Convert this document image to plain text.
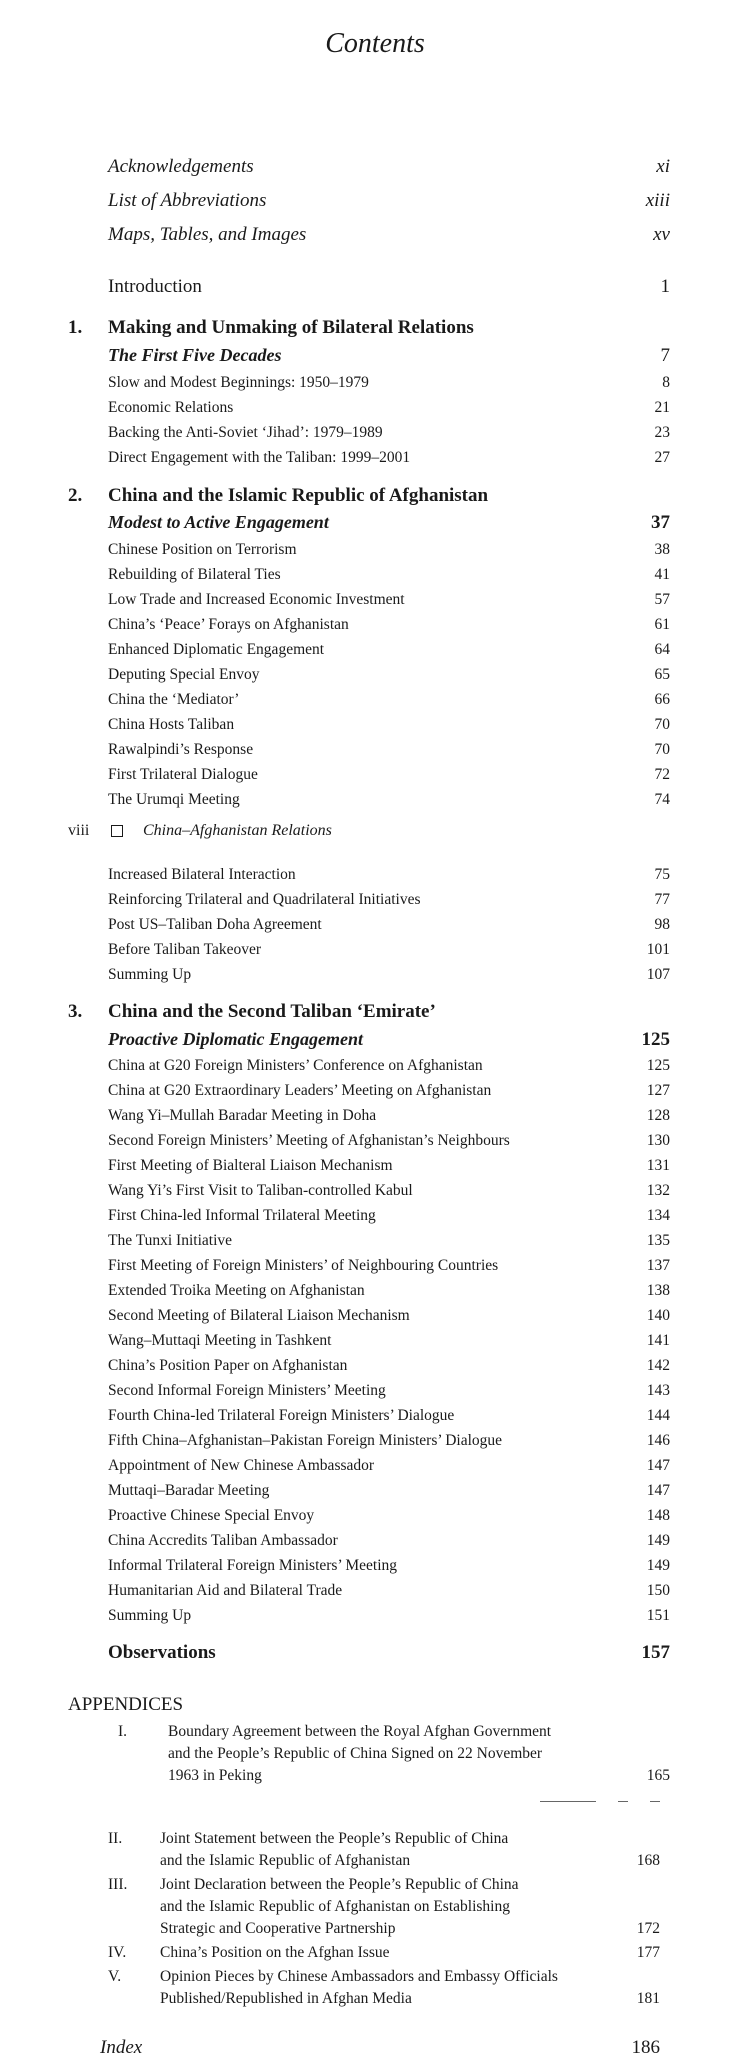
Contents
Acknowledgements	xi
List of Abbreviations	xiii
Maps, Tables, and Images	xv
Introduction	1
1. Making and Unmaking of Bilateral Relations
The First Five Decades	7
Slow and Modest Beginnings: 1950–1979	8
Economic Relations	21
Backing the Anti-Soviet ‘Jihad’: 1979–1989	23
Direct Engagement with the Taliban: 1999–2001	27
2. China and the Islamic Republic of Afghanistan
Modest to Active Engagement	37
Chinese Position on Terrorism	38
Rebuilding of Bilateral Ties	41
Low Trade and Increased Economic Investment	57
China’s ‘Peace’ Forays on Afghanistan	61
Enhanced Diplomatic Engagement	64
Deputing Special Envoy	65
China the ‘Mediator’	66
China Hosts Taliban	70
Rawalpindi’s Response	70
First Trilateral Dialogue	72
The Urumqi Meeting	74
viii	China–Afghanistan Relations
Increased Bilateral Interaction	75
Reinforcing Trilateral and Quadrilateral Initiatives	77
Post US–Taliban Doha Agreement	98
Before Taliban Takeover	101
Summing Up	107
3. China and the Second Taliban ‘Emirate’
Proactive Diplomatic Engagement	125
China at G20 Foreign Ministers’ Conference on Afghanistan	125
China at G20 Extraordinary Leaders’ Meeting on Afghanistan	127
Wang Yi–Mullah Baradar Meeting in Doha	128
Second Foreign Ministers’ Meeting of Afghanistan’s Neighbours	130
First Meeting of Bialteral Liaison Mechanism	131
Wang Yi’s First Visit to Taliban-controlled Kabul	132
First China-led Informal Trilateral Meeting	134
The Tunxi Initiative	135
First Meeting of Foreign Ministers’ of Neighbouring Countries	137
Extended Troika Meeting on Afghanistan	138
Second Meeting of Bilateral Liaison Mechanism	140
Wang–Muttaqi Meeting in Tashkent	141
China’s Position Paper on Afghanistan	142
Second Informal Foreign Ministers’ Meeting	143
Fourth China-led Trilateral Foreign Ministers’ Dialogue	144
Fifth China–Afghanistan–Pakistan Foreign Ministers’ Dialogue	146
Appointment of New Chinese Ambassador	147
Muttaqi–Baradar Meeting	147
Proactive Chinese Special Envoy	148
China Accredits Taliban Ambassador	149
Informal Trilateral Foreign Ministers’ Meeting	149
Humanitarian Aid and Bilateral Trade	150
Summing Up	151
Observations	157
APPENDICES
I.	Boundary Agreement between the Royal Afghan Government
and the People’s Republic of China Signed on 22 November
1963 in Peking	165
II. Joint Statement between the People’s Republic of China
and the Islamic Republic of Afghanistan	168
III. Joint Declaration between the People’s Republic of China
and the Islamic Republic of Afghanistan on Establishing
Strategic and Cooperative Partnership	172
IV. China’s Position on the Afghan Issue	177
V.	Opinion Pieces by Chinese Ambassadors and Embassy Officials
Published/Republished in Afghan Media	181
Index	186
